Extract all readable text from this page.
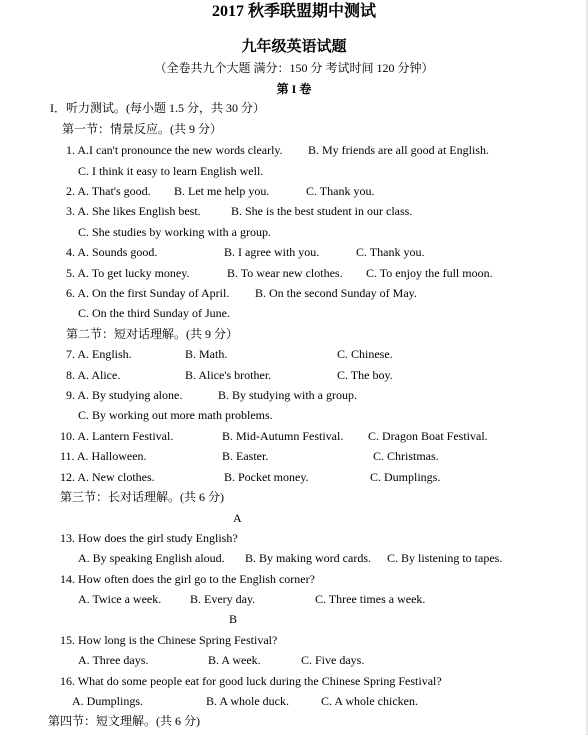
2017 秋季联盟期中测试
九年级英语试题
（全卷共九个大题 满分：150 分 考试时间 120 分钟）
第 I 卷
I．听力测试。(每小题 1.5 分，共 30 分）
第一节：情景反应。(共 9 分）
1. A.I can't pronounce the new words clearly. B. My friends are all good at English.
C. I think it easy to learn English well.
2. A. That's good. B. Let me help you.	C. Thank you.
3. A. She likes English best.	B. She is the best student in our class.
C. She studies by working with a group.
4. A. Sounds good.	B. I agree with you.	C. Thank you.
5. A. To get lucky money.	B. To wear new clothes. C. To enjoy the full moon.
6. A. On the first Sunday of April. B. On the second Sunday of May.
C. On the third Sunday of June.
第二节：短对话理解。(共 9 分）
7. A. English.	B. Math.	C. Chinese.
8. A. Alice.	B. Alice's brother.	C. The boy.
9. A. By studying alone.	B. By studying with a group.
C. By working out more math problems.
10. A. Lantern Festival.	B. Mid-Autumn Festival. C. Dragon Boat Festival.
11. A. Halloween.	B. Easter.	C. Christmas.
12. A. New clothes.	B. Pocket money.	C. Dumplings.
第三节：长对话理解。(共 6 分)
A
13. How does the girl study English?
A. By speaking English aloud. B. By making word cards. C. By listening to tapes.
14. How often does the girl go to the English corner?
A. Twice a week. B. Every day.	C. Three times a week.
B
15. How long is the Chinese Spring Festival?
A. Three days.	B. A week.	C. Five days.
16. What do some people eat for good luck during the Chinese Spring Festival?
A. Dumplings.	B. A whole duck.	C. A whole chicken.
第四节：短文理解。(共 6 分)
